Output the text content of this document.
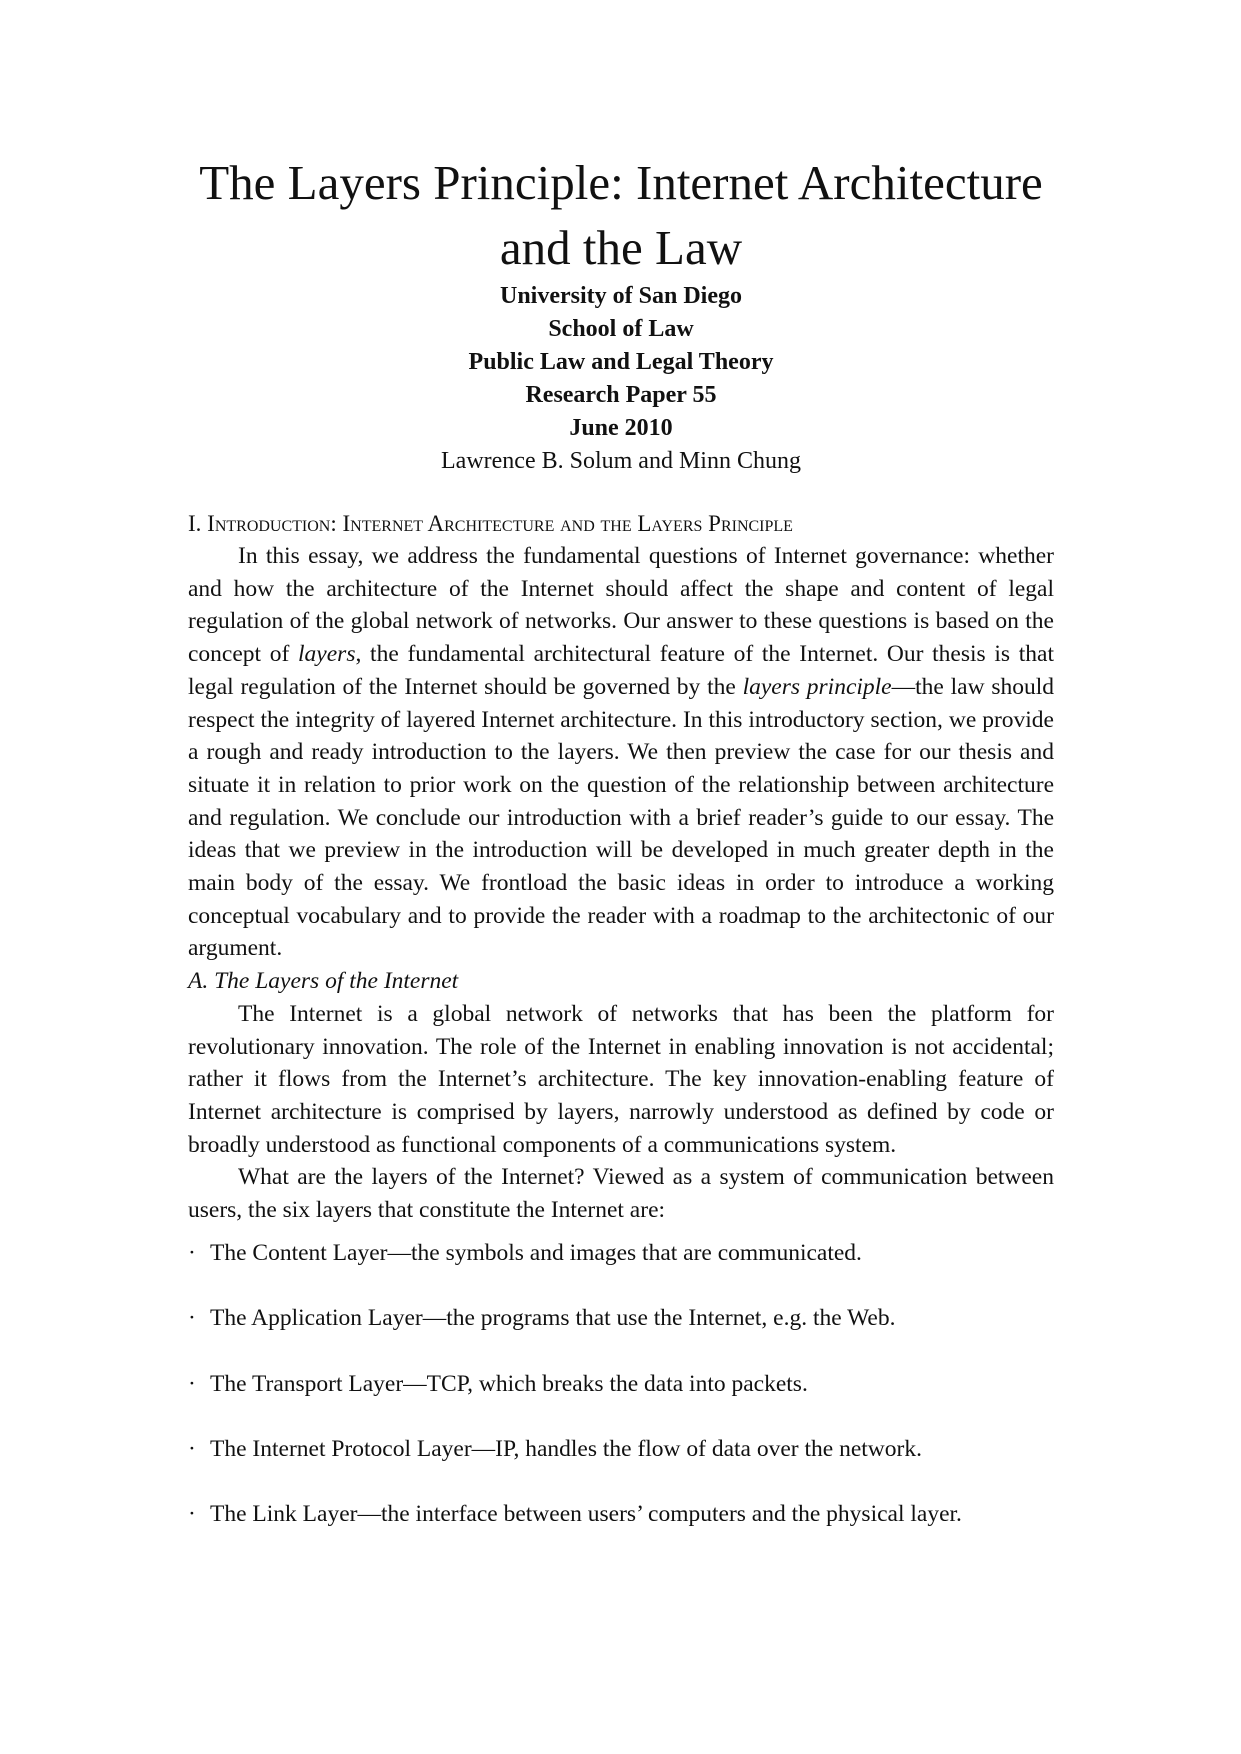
The Layers Principle: Internet Architecture and the Law

University of San Diego

School of Law

Public Law and Legal Theory

Research Paper 55

June 2010

Lawrence B. Solum and Minn Chung

I. Introduction: Internet Architecture and the Layers Principle

In this essay, we address the fundamental questions of Internet governance: whether and how the architecture of the Internet should affect the shape and content of legal regulation of the global network of networks. Our answer to these questions is based on the concept of layers, the fundamental architectural feature of the Internet. Our thesis is that legal regulation of the Internet should be governed by the layers principle—the law should respect the integrity of layered Internet architecture. In this introductory section, we provide a rough and ready introduction to the layers. We then preview the case for our thesis and situate it in relation to prior work on the question of the relationship between architecture and regulation. We conclude our introduction with a brief reader’s guide to our essay. The ideas that we preview in the introduction will be developed in much greater depth in the main body of the essay. We frontload the basic ideas in order to introduce a working conceptual vocabulary and to provide the reader with a roadmap to the architectonic of our argument.

A. The Layers of the Internet

The Internet is a global network of networks that has been the platform for revolutionary innovation. The role of the Internet in enabling innovation is not accidental; rather it flows from the Internet’s architecture. The key innovation-enabling feature of Internet architecture is comprised by layers, narrowly understood as defined by code or broadly understood as functional components of a communications system.

What are the layers of the Internet? Viewed as a system of communication between users, the six layers that constitute the Internet are:

· The Content Layer—the symbols and images that are communicated.
· The Application Layer—the programs that use the Internet, e.g. the Web.
· The Transport Layer—TCP, which breaks the data into packets.
· The Internet Protocol Layer—IP, handles the flow of data over the network.
· The Link Layer—the interface between users’ computers and the physical layer.
